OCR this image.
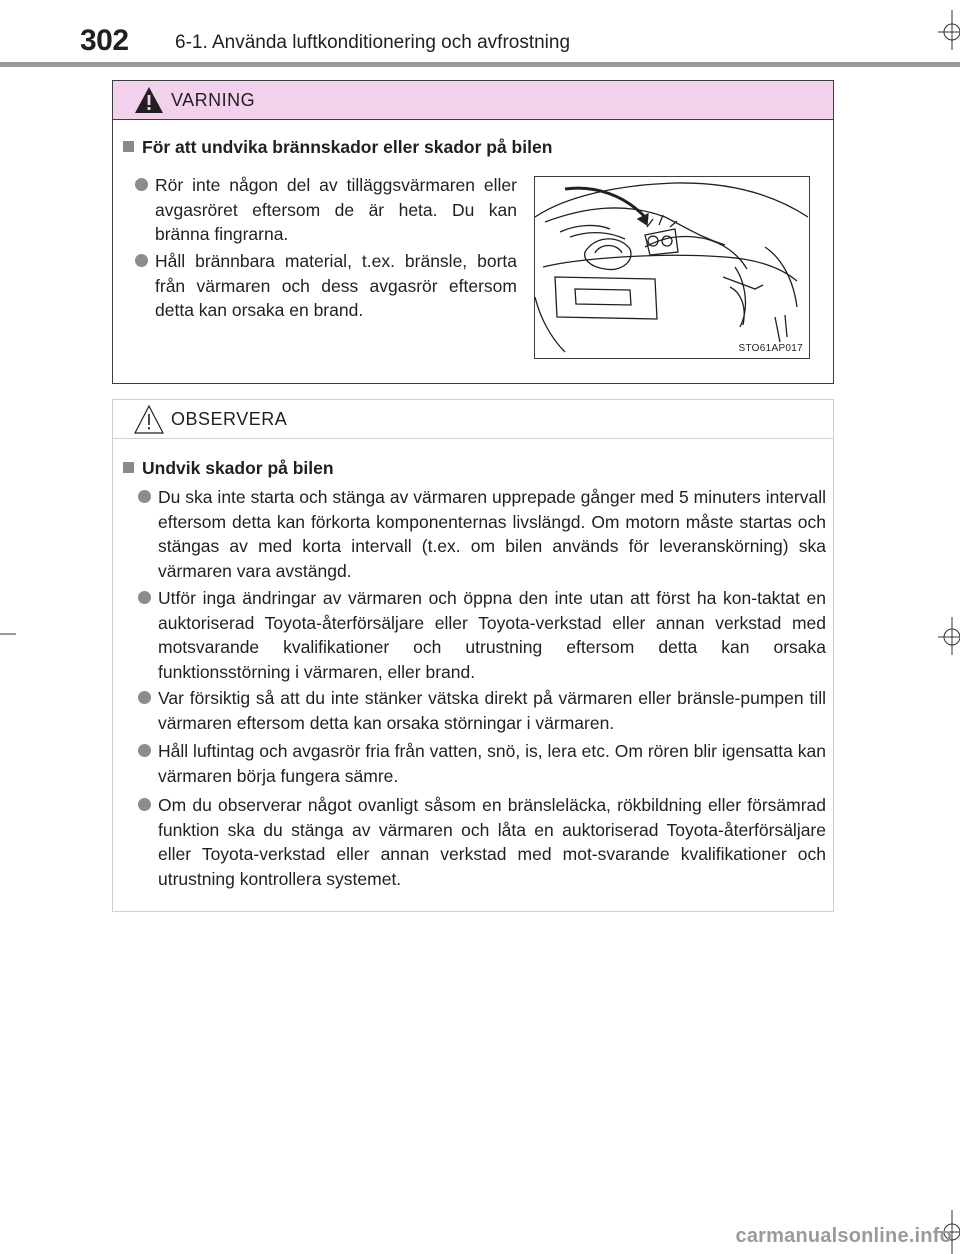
302 6-1. Använda luftkonditionering och avfrostning
VARNING
För att undvika brännskador eller skador på bilen
Rör inte någon del av tilläggsvärmaren eller avgasröret eftersom de är heta. Du kan bränna fingrarna.
Håll brännbara material, t.ex. bränsle, borta från värmaren och dess avgasrör eftersom detta kan orsaka en brand.
STO61AP017
OBSERVERA
Undvik skador på bilen
Du ska inte starta och stänga av värmaren upprepade gånger med 5 minuters intervall eftersom detta kan förkorta komponenternas livslängd. Om motorn måste startas och stängas av med korta intervall (t.ex. om bilen används för leveranskörning) ska värmaren vara avstängd.
Utför inga ändringar av värmaren och öppna den inte utan att först ha kon-taktat en auktoriserad Toyota-återförsäljare eller Toyota-verkstad eller annan verkstad med motsvarande kvalifikationer och utrustning eftersom detta kan orsaka funktionsstörning i värmaren, eller brand.
Var försiktig så att du inte stänker vätska direkt på värmaren eller bränsle-pumpen till värmaren eftersom detta kan orsaka störningar i värmaren.
Håll luftintag och avgasrör fria från vatten, snö, is, lera etc. Om rören blir igensatta kan värmaren börja fungera sämre.
Om du observerar något ovanligt såsom en bränsleläcka, rökbildning eller försämrad funktion ska du stänga av värmaren och låta en auktoriserad Toyota-återförsäljare eller Toyota-verkstad eller annan verkstad med mot-svarande kvalifikationer och utrustning kontrollera systemet.
carmanualsonline.info
